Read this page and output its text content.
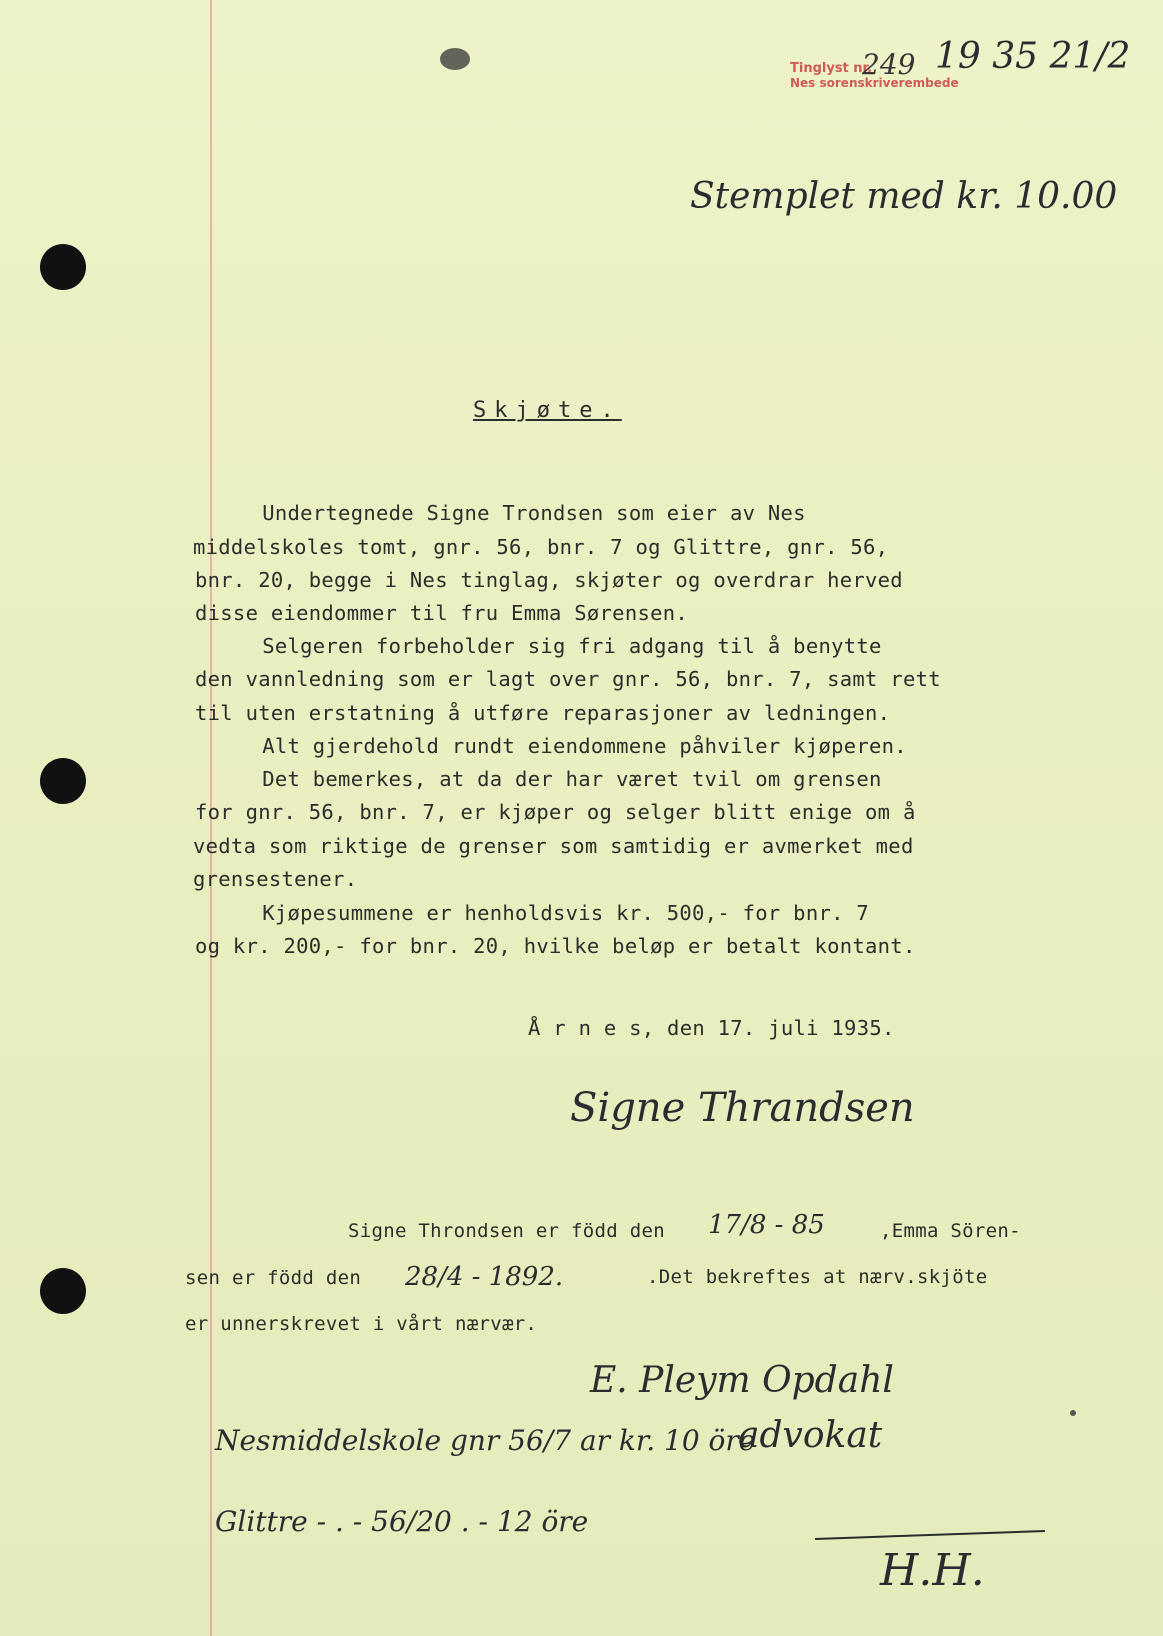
Tinglyst nr.
Nes sorenskriverembede
249 19 35 21/2
Stemplet med kr. 10.00
Skjøte.
Undertegnede Signe Trondsen som eier av Nes
middelskoles tomt, gnr. 56, bnr. 7 og Glittre, gnr. 56,
bnr. 20, begge i Nes tinglag, skjøter og overdrar herved
disse eiendommer til fru Emma Sørensen.
Selgeren forbeholder sig fri adgang til å benytte
den vannledning som er lagt over gnr. 56, bnr. 7, samt rett
til uten erstatning å utføre reparasjoner av ledningen.
Alt gjerdehold rundt eiendommene påhviler kjøperen.
Det bemerkes, at da der har været tvil om grensen
for gnr. 56, bnr. 7, er kjøper og selger blitt enige om å
vedta som riktige de grenser som samtidig er avmerket med
grensestener.
Kjøpesummene er henholdsvis kr. 500,- for bnr. 7
og kr. 200,- for bnr. 20, hvilke beløp er betalt kontant.
Å r n e s, den 17. juli 1935.
Signe Thrandsen
Signe Throndsen er född den 17/8 - 85	,Emma Sören-
sen er född den 28/4 - 1892.	.Det bekreftes at nærv.skjöte
er unnerskrevet i vårt nærvær.
E. Pleym Opdahl
advokat
Nesmiddelskole gnr 56/7 ar kr. 10 öre
Glittre - . - 56/20 . - 12 öre
H.H.
